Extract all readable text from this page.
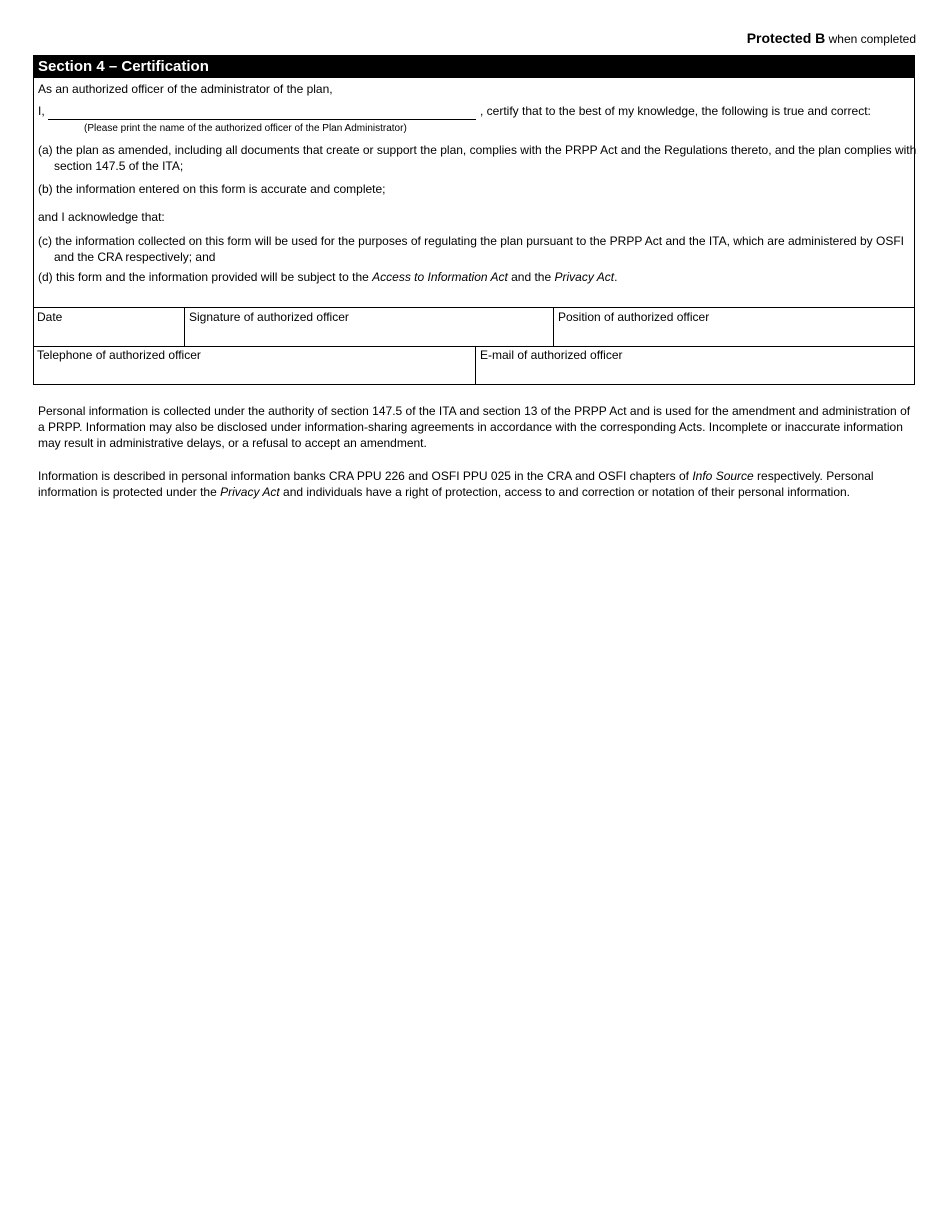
Protected B when completed
Section 4 – Certification
As an authorized officer of the administrator of the plan,
I,	, certify that to the best of my knowledge, the following is true and correct:
(Please print the name of the authorized officer of the Plan Administrator)
(a) the plan as amended, including all documents that create or support the plan, complies with the PRPP Act and the Regulations thereto, and the plan complies with section 147.5 of the ITA;
(b) the information entered on this form is accurate and complete;
and I acknowledge that:
(c) the information collected on this form will be used for the purposes of regulating the plan pursuant to the PRPP Act and the ITA, which are administered by OSFI and the CRA respectively; and
(d) this form and the information provided will be subject to the Access to Information Act and the Privacy Act.
Date	Signature of authorized officer	Position of authorized officer
Telephone of authorized officer	E-mail of authorized officer
Personal information is collected under the authority of section 147.5 of the ITA and section 13 of the PRPP Act and is used for the amendment and administration of a PRPP. Information may also be disclosed under information-sharing agreements in accordance with the corresponding Acts. Incomplete or inaccurate information may result in administrative delays, or a refusal to accept an amendment.
Information is described in personal information banks CRA PPU 226 and OSFI PPU 025 in the CRA and OSFI chapters of Info Source respectively. Personal information is protected under the Privacy Act and individuals have a right of protection, access to and correction or notation of their personal information.
